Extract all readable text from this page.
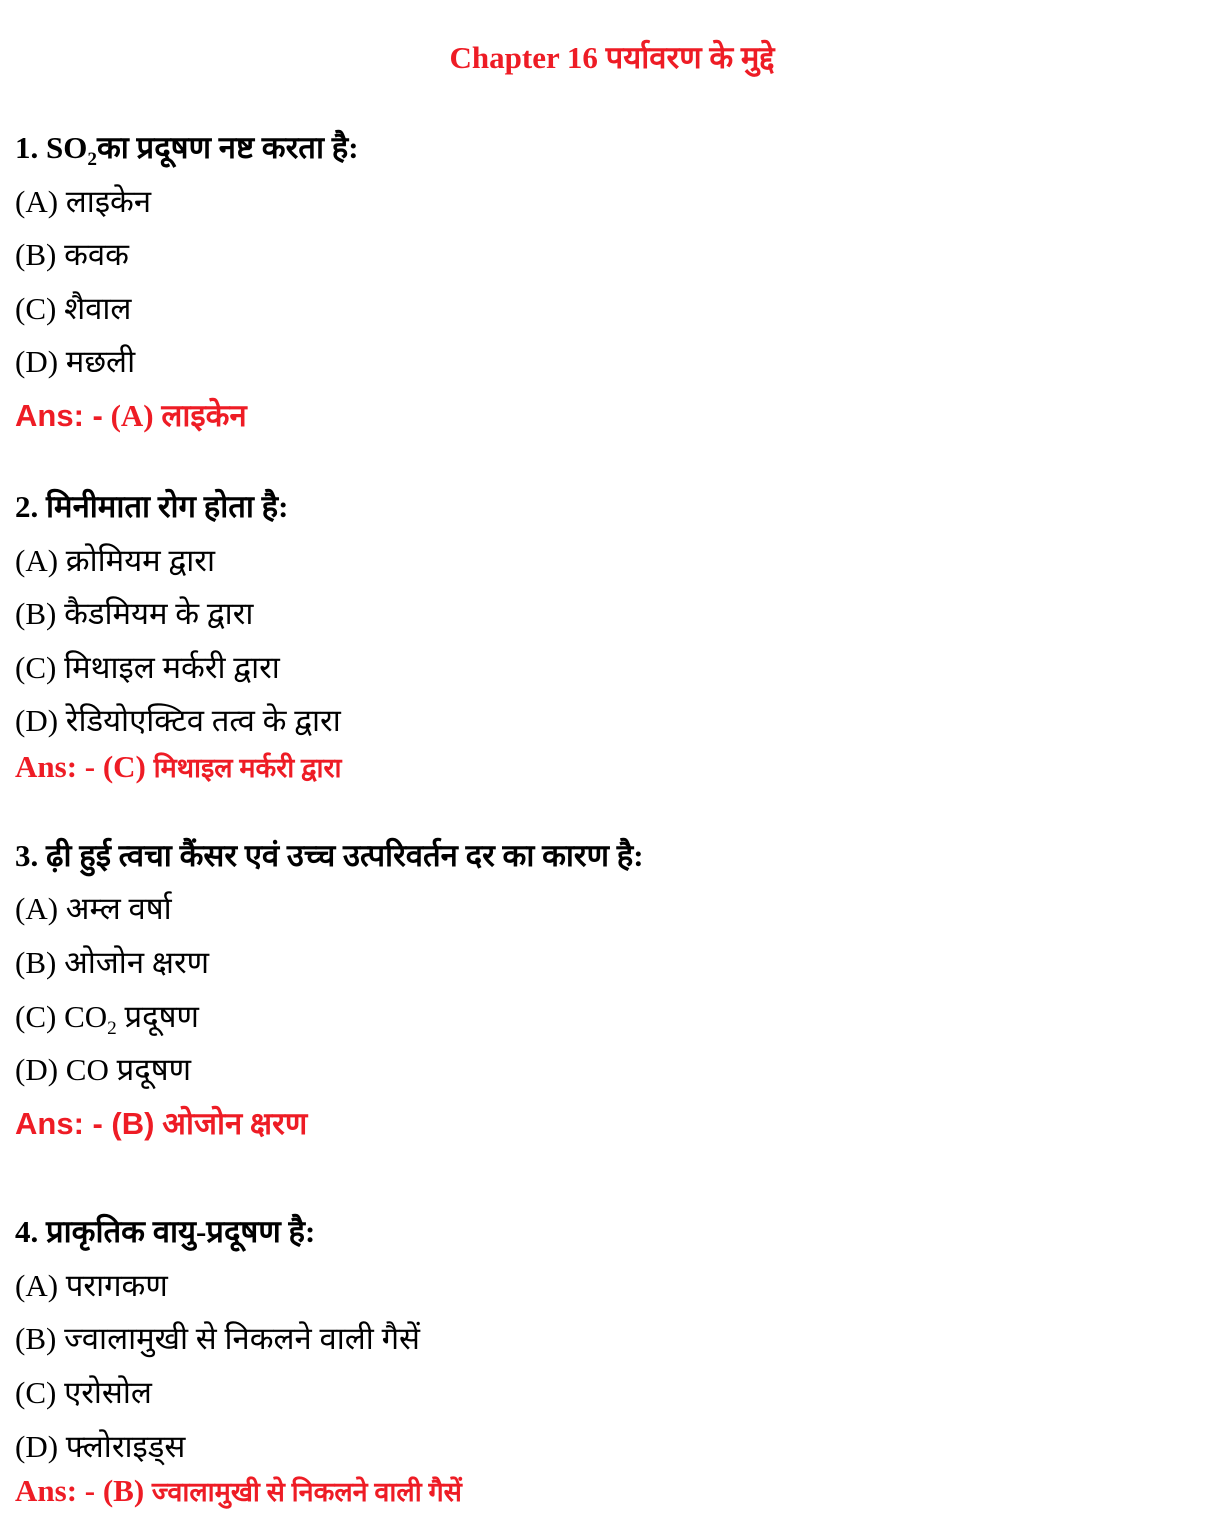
Chapter 16 पर्यावरण के मुद्दे
1. $SO_2का$ प्रदूषण नष्ट करता है:
(A) लाइकेन
(B) कवक
(C) शैवाल
(D) मछली
Ans: - (A) लाइकेन
2. मिनीमाता रोग होता है:
(A) क्रोमियम द्वारा
(B) कैडमियम के द्वारा
(C) मिथाइल मर्करी द्वारा
(D) रेडियोएक्टिव तत्व के द्वारा
Ans: - (C) मिथाइल मर्करी द्वारा
3. ढ़ी हुई त्वचा कैंसर एवं उच्च उत्परिवर्तन दर का कारण है:
(A) अम्ल वर्षा
(B) ओजोन क्षरण
(C) $CO_2$ प्रदूषण
(D) CO प्रदूषण
Ans: - (B) ओजोन क्षरण
4. प्राकृतिक वायु-प्रदूषण है:
(A) परागकण
(B) ज्वालामुखी से निकलने वाली गैसें
(C) एरोसोल
(D) फ्लोराइड्स
Ans: - (B) ज्वालामुखी से निकलने वाली गैसें
